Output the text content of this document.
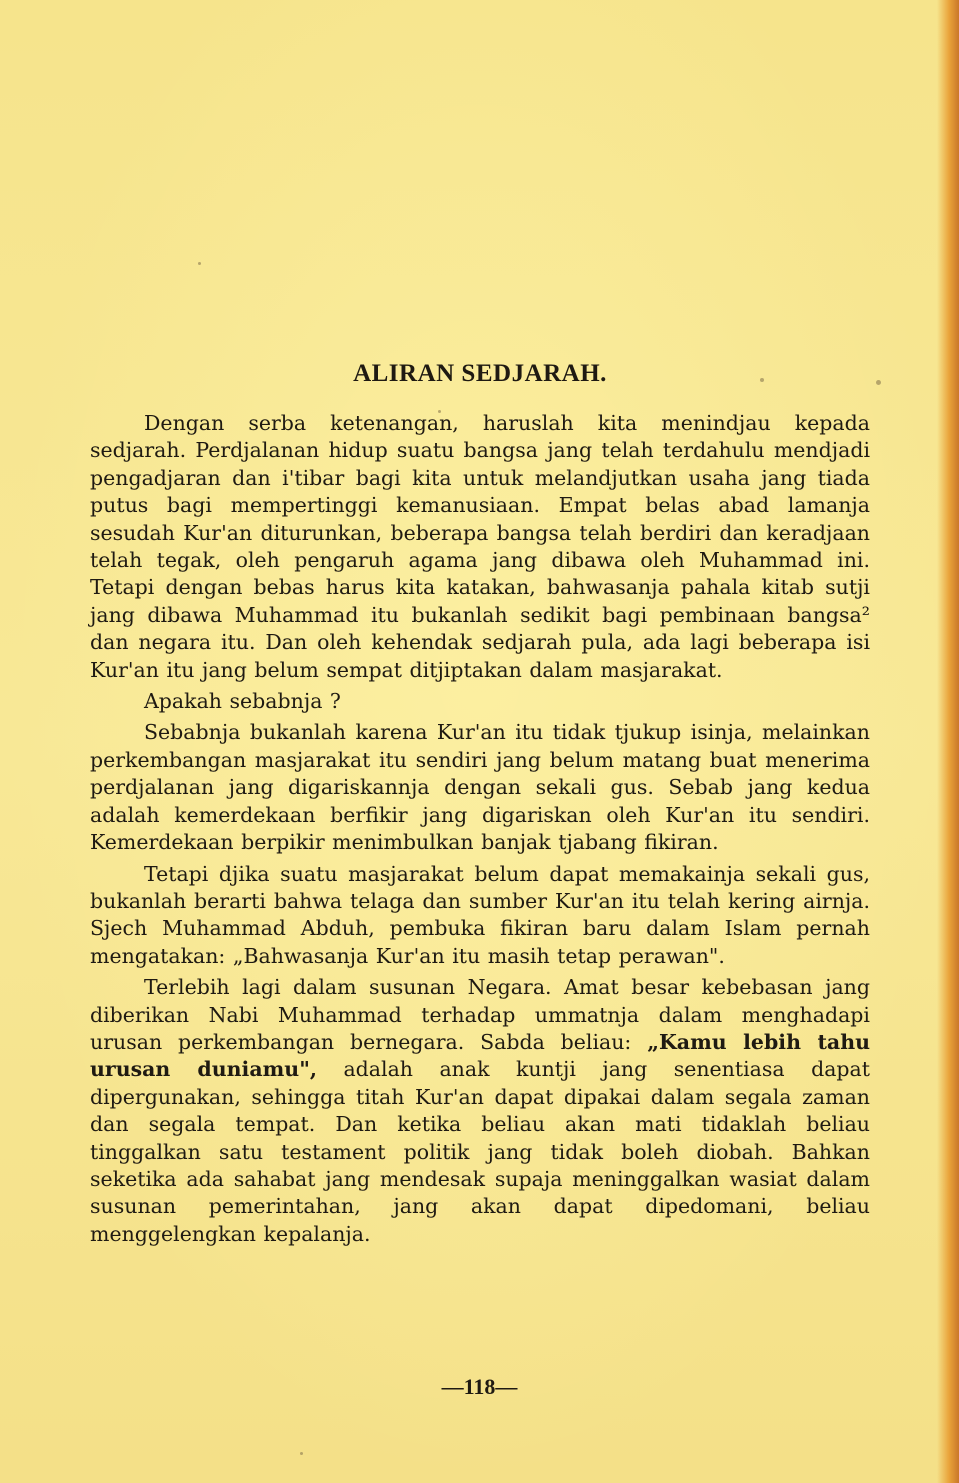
ALIRAN SEDJARAH.

Dengan serba ketenangan, haruslah kita menindjau kepada sedjarah. Perdjalanan hidup suatu bangsa jang telah terdahulu mendjadi pengadjaran dan i'tibar bagi kita untuk melandjutkan usaha jang tiada putus bagi mempertinggi kemanusiaan. Empat belas abad lamanja sesudah Kur'an diturunkan, beberapa bangsa telah berdiri dan keradjaan telah tegak, oleh pengaruh agama jang dibawa oleh Muhammad ini. Tetapi dengan bebas harus kita katakan, bahwasanja pahala kitab sutji jang dibawa Muhammad itu bukanlah sedikit bagi pembinaan bangsa² dan negara itu. Dan oleh kehendak sedjarah pula, ada lagi beberapa isi Kur'an itu jang belum sempat ditjiptakan dalam masjarakat.

Apakah sebabnja ?

Sebabnja bukanlah karena Kur'an itu tidak tjukup isinja, melainkan perkembangan masjarakat itu sendiri jang belum matang buat menerima perdjalanan jang digariskannja dengan sekali gus. Sebab jang kedua adalah kemerdekaan berfikir jang digariskan oleh Kur'an itu sendiri. Kemerdekaan berpikir menimbulkan banjak tjabang fikiran.

Tetapi djika suatu masjarakat belum dapat memakainja sekali gus, bukanlah berarti bahwa telaga dan sumber Kur'an itu telah kering airnja. Sjech Muhammad Abduh, pembuka fikiran baru dalam Islam pernah mengatakan: „Bahwasanja Kur'an itu masih tetap perawan".

Terlebih lagi dalam susunan Negara. Amat besar kebebasan jang diberikan Nabi Muhammad terhadap ummatnja dalam menghadapi urusan perkembangan bernegara. Sabda beliau: „Kamu lebih tahu urusan duniamu", adalah anak kuntji jang senentiasa dapat dipergunakan, sehingga titah Kur'an dapat dipakai dalam segala zaman dan segala tempat. Dan ketika beliau akan mati tidaklah beliau tinggalkan satu testament politik jang tidak boleh diobah. Bahkan seketika ada sahabat jang mendesak supaja meninggalkan wasiat dalam susunan pemerintahan, jang akan dapat dipedomani, beliau menggelengkan kepalanja.

—118—
